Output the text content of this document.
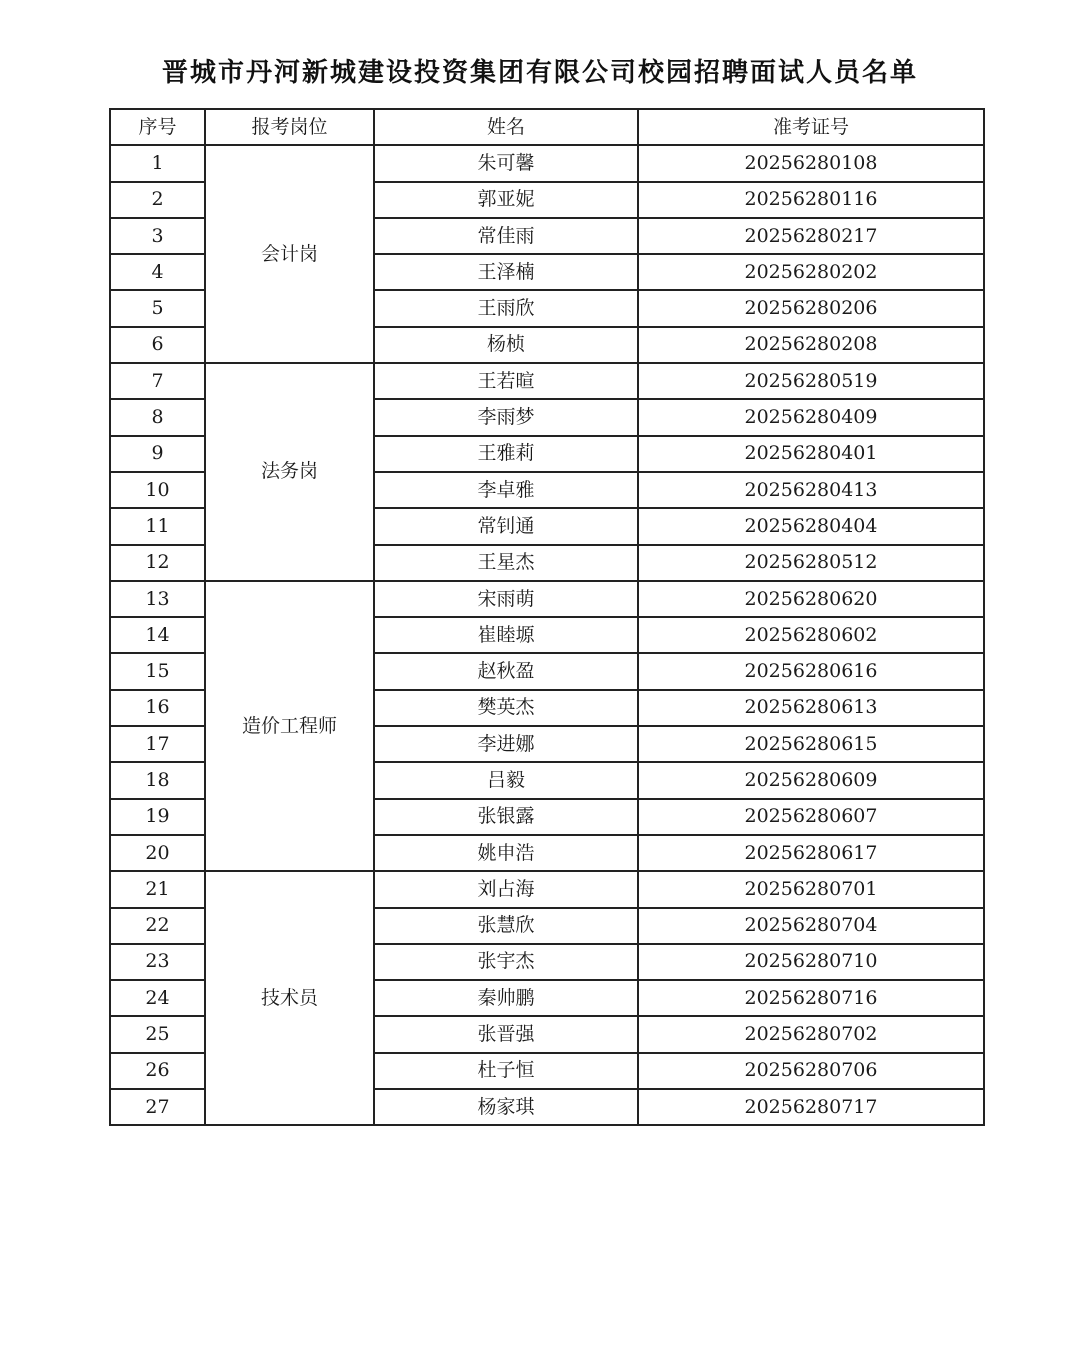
晋城市丹河新城建设投资集团有限公司校园招聘面试人员名单
序号	报考岗位	姓名	准考证号
1	会计岗	朱可馨	20256280108
2		郭亚妮	20256280116
3		常佳雨	20256280217
4		王泽楠	20256280202
5		王雨欣	20256280206
6		杨桢	20256280208
7	法务岗	王若暄	20256280519
8		李雨梦	20256280409
9		王雅莉	20256280401
10		李卓雅	20256280413
11		常钊通	20256280404
12		王星杰	20256280512
13	造价工程师	宋雨萌	20256280620
14		崔睦塬	20256280602
15		赵秋盈	20256280616
16		樊英杰	20256280613
17		李进娜	20256280615
18		吕毅	20256280609
19		张银露	20256280607
20		姚申浩	20256280617
21	技术员	刘占海	20256280701
22		张慧欣	20256280704
23		张宇杰	20256280710
24		秦帅鹏	20256280716
25		张晋强	20256280702
26		杜子恒	20256280706
27		杨家琪	20256280717
